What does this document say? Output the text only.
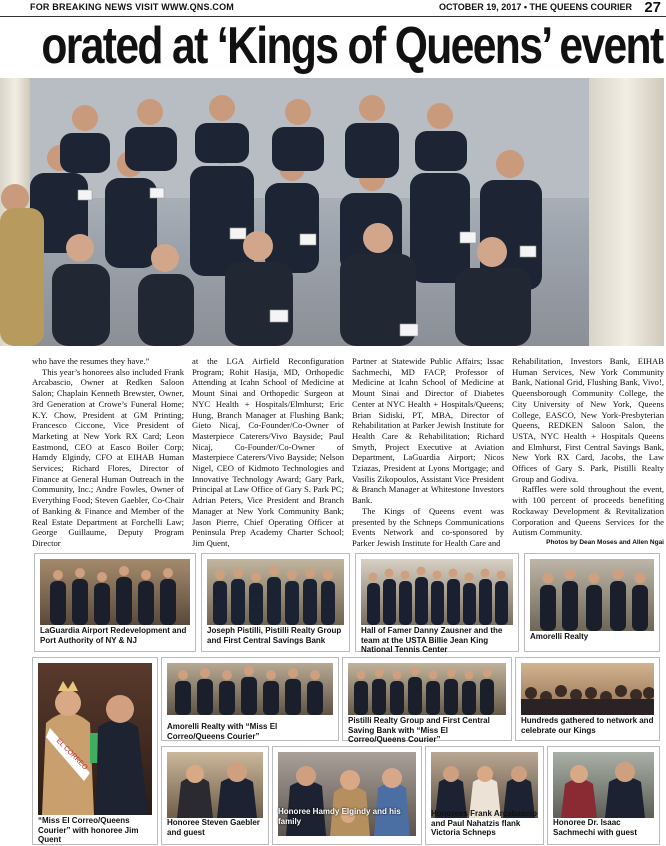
FOR BREAKING NEWS VISIT WWW.QNS.COM	OCTOBER 19, 2017 • THE QUEENS COURIER 27
orated at ‘Kings of Queens’ event

who have the resumes they have.”

This year’s honorees also included Frank Arcabascio, Owner at Redken Saloon Salon; Chaplain Kenneth Brewster, Owner, 3rd Generation at Crowe’s Funeral Home; K.Y. Chow, President at GM Printing; Francesco Ciccone, Vice President of Marketing at New York RX Card; Leon Eastmond, CEO at Easco Boiler Corp; Hamdy Elgindy, CFO at EIHAB Human Services; Richard Flores, Director of Finance at General Human Outreach in the Community, Inc.; Andre Fowles, Owner of Everything Food; Steven Gaebler, Co-Chair of Banking & Finance and Member of the Real Estate Department at Forchelli Law; George Guillaume, Deputy Program Director

at the LGA Airfield Reconfiguration Program; Rohit Hasija, MD, Orthopedic Attending at Icahn School of Medicine at Mount Sinai and Orthopedic Surgeon at NYC Health + Hospitals/Elmhurst; Eric Hung, Branch Manager at Flushing Bank; Gieto Nicaj, Co-Founder/Co-Owner of Masterpiece Caterers/Vivo Bayside; Paul Nicaj, Co-Founder/Co-Owner of Masterpiece Caterers/Vivo Bayside; Nelson Nigel, CEO of Kidmoto Technologies and Innovative Technology Award; Gary Park, Principal at Law Office of Gary S. Park PC; Adrian Peters, Vice President and Branch Manager at New York Community Bank; Jason Pierre, Chief Operating Officer at Peninsula Prep Academy Charter School; Jim Quent,

Partner at Statewide Public Affairs; Issac Sachmechi, MD FACP, Professor of Medicine at Icahn School of Medicine at Mount Sinai and Director of Diabetes Center at NYC Health + Hospitals/Queens; Brian Sidiski, PT, MBA, Director of Rehabilitation at Parker Jewish Institute for Health Care & Rehabilitation; Richard Smyth, Project Executive at Aviation Department, LaGuardia Airport; Nicos Tziazas, President at Lyons Mortgage; and Vasilis Zikopoulos, Assistant Vice President & Branch Manager at Whitestone Investors Bank.

The Kings of Queens event was presented by the Schneps Communications Events Network and co-sponsored by Parker Jewish Institute for Health Care and

Rehabilitation, Investors Bank, EIHAB Human Services, New York Community Bank, National Grid, Flushing Bank, Vivo!, Queensborough Community College, the City University of New York, Queens College, EASCO, New York-Presbyterian Queens, REDKEN Saloon Salon, the USTA, NYC Health + Hospitals Queens and Elmhurst, First Central Savings Bank, New York RX Card, Jacobs, the Law Offices of Gary S. Park, Pistilli Realty Group and Godiva.

Raffles were sold throughout the event, with 100 percent of proceeds benefiting Rockaway Development & Revitalization Corporation and Queens Services for the Autism Community.

Photos by Dean Moses and Allen Ngai
LaGuardia Airport Redevelopment and Port Authority of NY & NJ
Joseph Pistilli, Pistilli Realty Group and First Central Savings Bank
Hall of Famer Danny Zausner and the team at the USTA Billie Jean King National Tennis Center
Amorelli Realty
EL CORREO
“Miss El Correo/Queens Courier” with honoree Jim Quent
Amorelli Realty with “Miss El Correo/Queens Courier”
Pistilli Realty Group and First Central Saving Bank with “Miss El Correo/Queens Courier”
Hundreds gathered to network and celebrate our Kings
Honoree Steven Gaebler and guest
Honoree Hamdy Elgindy and his family
Honorees Frank Arcabascio and Paul Nahatzis flank Victoria Schneps
Honoree Dr. Isaac Sachmechi with guest
